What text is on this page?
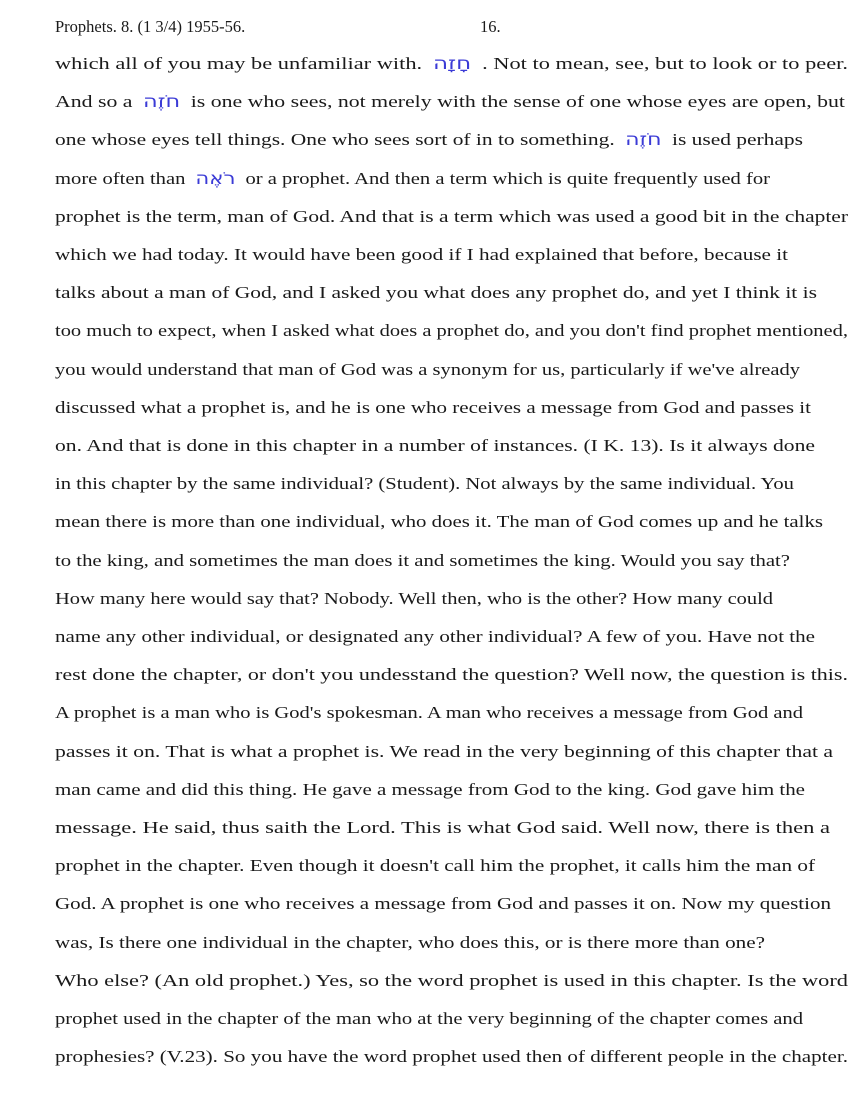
Prophets. 8. (1 3/4) 1955-56.	16.
which all of you may be unfamiliar with. חָזָה . Not to mean, see, but to look or to peer.
And so a חֹזֶה is one who sees, not merely with the sense of one whose eyes are open, but
one whose eyes tell things. One who sees sort of in to something. חֹזֶה is used perhaps
more often than רֹאֶה or a prophet. And then a term which is quite frequently used for
prophet is the term, man of God. And that is a term which was used a good bit in the chapter
which we had today. It would have been good if I had explained that before, because it
talks about a man of God, and I asked you what does any prophet do, and yet I think it is
too much to expect, when I asked what does a prophet do, and you don't find prophet mentioned,
you would understand that man of God was a synonym for us, particularly if we've already
discussed what a prophet is, and he is one who receives a message from God and passes it
on. And that is done in this chapter in a number of instances. (I K. 13). Is it always done
in this chapter by the same individual? (Student). Not always by the same individual. You
mean there is more than one individual, who does it. The man of God comes up and he talks
to the king, and sometimes the man does it and sometimes the king. Would you say that?
How many here would say that? Nobody. Well then, who is the other? How many could
name any other individual, or designated any other individual? A few of you. Have not the
rest done the chapter, or don't you undesstand the question? Well now, the question is this.
A prophet is a man who is God's spokesman. A man who receives a message from God and
passes it on. That is what a prophet is. We read in the very beginning of this chapter that a
man came and did this thing. He gave a message from God to the king. God gave him the
message. He said, thus saith the Lord. This is what God said. Well now, there is then a
prophet in the chapter. Even though it doesn't call him the prophet, it calls him the man of
God. A prophet is one who receives a message from God and passes it on. Now my question
was, Is there one individual in the chapter, who does this, or is there more than one?
Who else? (An old prophet.) Yes, so the word prophet is used in this chapter. Is the word
prophet used in the chapter of the man who at the very beginning of the chapter comes and
prophesies? (V.23). So you have the word prophet used then of different people in the chapter.
